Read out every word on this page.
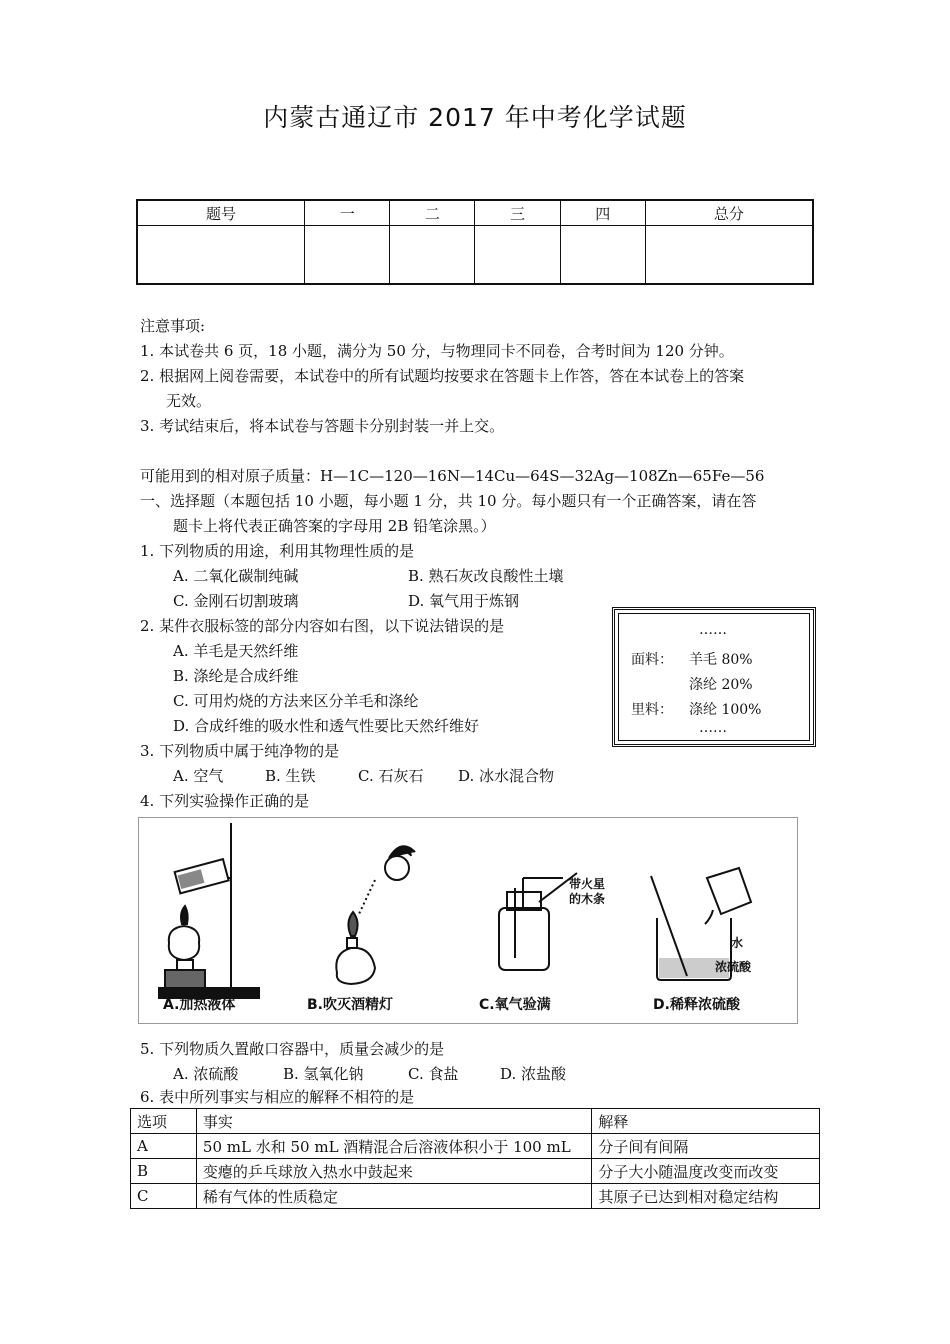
内蒙古通辽市 2017 年中考化学试题
题号	一	二	三	四	总分

注意事项:
1. 本试卷共 6 页，18 小题，满分为 50 分，与物理同卡不同卷，合考时间为 120 分钟。
2. 根据网上阅卷需要，本试卷中的所有试题均按要求在答题卡上作答，答在本试卷上的答案
无效。
3. 考试结束后，将本试卷与答题卡分别封装一并上交。
可能用到的相对原子质量：H—1C—120—16N—14Cu—64S—32Ag—108Zn—65Fe—56
一、选择题（本题包括 10 小题，每小题 1 分，共 10 分。每小题只有一个正确答案，请在答
题卡上将代表正确答案的字母用 2B 铅笔涂黑。）
1. 下列物质的用途，利用其物理性质的是
A. 二氧化碳制纯碱	B. 熟石灰改良酸性土壤
C. 金刚石切割玻璃	D. 氧气用于炼钢
2. 某件衣服标签的部分内容如右图，以下说法错误的是
A. 羊毛是天然纤维
B. 涤纶是合成纤维
C. 可用灼烧的方法来区分羊毛和涤纶
D. 合成纤维的吸水性和透气性要比天然纤维好
……
面料： 羊毛 80%
涤纶 20%
里料： 涤纶 100%
……
3. 下列物质中属于纯净物的是
A. 空气	B. 生铁	C. 石灰石 D. 冰水混合物
4. 下列实验操作正确的是
带火星
的木条
水
浓硫酸
A.加热液体	B.吹灭酒精灯	C.氧气验满	D.稀释浓硫酸
5. 下列物质久置敞口容器中，质量会减少的是
A. 浓硫酸	B. 氢氧化钠	C. 食盐	D. 浓盐酸
6. 表中所列事实与相应的解释不相符的是
选项	事实	解释
A	50 mL 水和 50 mL 酒精混合后溶液体积小于 100 mL	分子间有间隔
B	变瘪的乒乓球放入热水中鼓起来	分子大小随温度改变而改变
C	稀有气体的性质稳定	其原子已达到相对稳定结构
